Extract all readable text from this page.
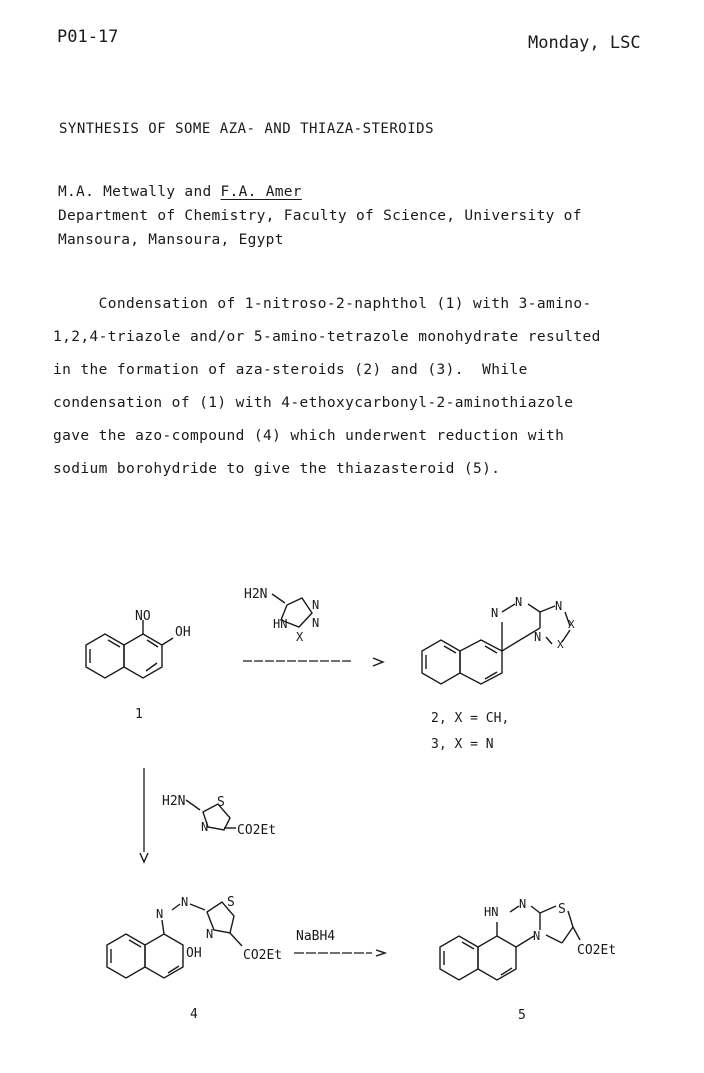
P01-17	Monday, LSC
SYNTHESIS OF SOME AZA- AND THIAZA-STEROIDS
M.A. Metwally and F.A. Amer
Department of Chemistry, Faculty of Science, University of
Mansoura, Mansoura, Egypt
Condensation of 1-nitroso-2-naphthol (1) with 3-amino-
1,2,4-triazole and/or 5-amino-tetrazole monohydrate resulted
in the formation of aza-steroids (2) and (3).  While
condensation of (1) with 4-ethoxycarbonyl-2-aminothiazole
gave the azo-compound (4) which underwent reduction with
sodium borohydride to give the thiazasteroid (5).
NO
OH
1
H2N
HN
N
N
X
N
N	N
N
X
X
2, X = CH,
3, X = N
H2N S
N CO2Et
N
N	S
N
OH	CO2Et
4
NaBH4
HN
N S
N
CO2Et
5
